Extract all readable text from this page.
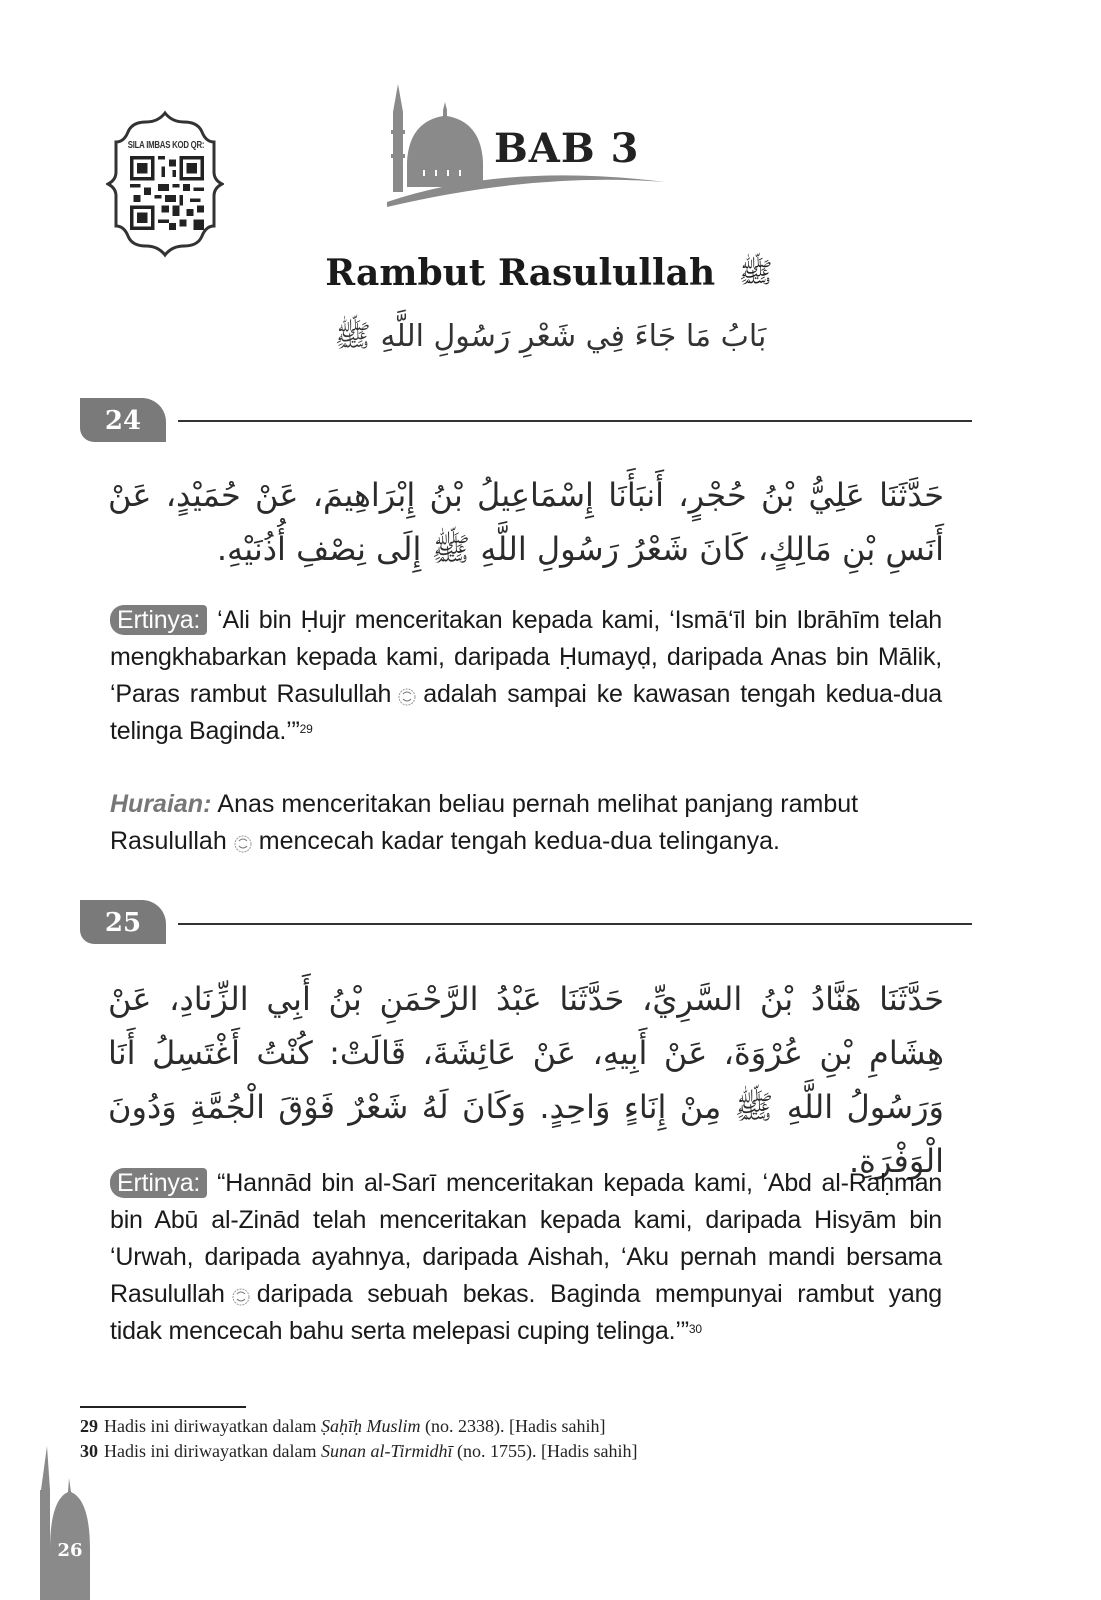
SILA IMBAS KOD QR:	BAB 3
Rambut Rasulullah ﷺ
بَابُ مَا جَاءَ فِي شَعْرِ رَسُولِ اللَّهِ ﷺ
24
حَدَّثَنَا عَلِيُّ بْنُ حُجْرٍ، أَنبَأَنَا إِسْمَاعِيلُ بْنُ إِبْرَاهِيمَ، عَنْ حُمَيْدٍ، عَنْ أَنَسِ بْنِ مَالِكٍ، كَانَ شَعْرُ رَسُولِ اللَّهِ ﷺ إِلَى نِصْفِ أُذُنَيْهِ.
Ertinya: ‘Ali bin Ḥujr menceritakan kepada kami, ‘Ismā‘īl bin Ibrāhīm telah mengkhabarkan kepada kami, daripada Ḥumayḍ, daripada Anas bin Mālik, ‘Paras rambut Rasulullah adalah sampai ke kawasan tengah kedua-dua telinga Baginda.’”$^{29}$
Huraian: Anas menceritakan beliau pernah melihat panjang rambut Rasulullah mencecah kadar tengah kedua-dua telinganya.
25
حَدَّثَنَا هَنَّادُ بْنُ السَّرِيِّ، حَدَّثَنَا عَبْدُ الرَّحْمَنِ بْنُ أَبِي الزِّنَادِ، عَنْ هِشَامِ بْنِ عُرْوَةَ، عَنْ أَبِيهِ، عَنْ عَائِشَةَ، قَالَتْ: كُنْتُ أَغْتَسِلُ أَنَا وَرَسُولُ اللَّهِ ﷺ مِنْ إِنَاءٍ وَاحِدٍ. وَكَانَ لَهُ شَعْرٌ فَوْقَ الْجُمَّةِ وَدُونَ الْوَفْرَةِ.
Ertinya: “Hannād bin al-Sarī menceritakan kepada kami, ‘Abd al-Raḥman bin Abū al-Zinād telah menceritakan kepada kami, daripada Hisyām bin ‘Urwah, daripada ayahnya, daripada Aishah, ‘Aku pernah mandi bersama Rasulullah daripada sebuah bekas. Baginda mempunyai rambut yang tidak mencecah bahu serta melepasi cuping telinga.’”$^{30}$
29 Hadis ini diriwayatkan dalam Ṣaḥīḥ Muslim (no. 2338). [Hadis sahih]
30 Hadis ini diriwayatkan dalam Sunan al-Tirmidhī (no. 1755). [Hadis sahih]
26
